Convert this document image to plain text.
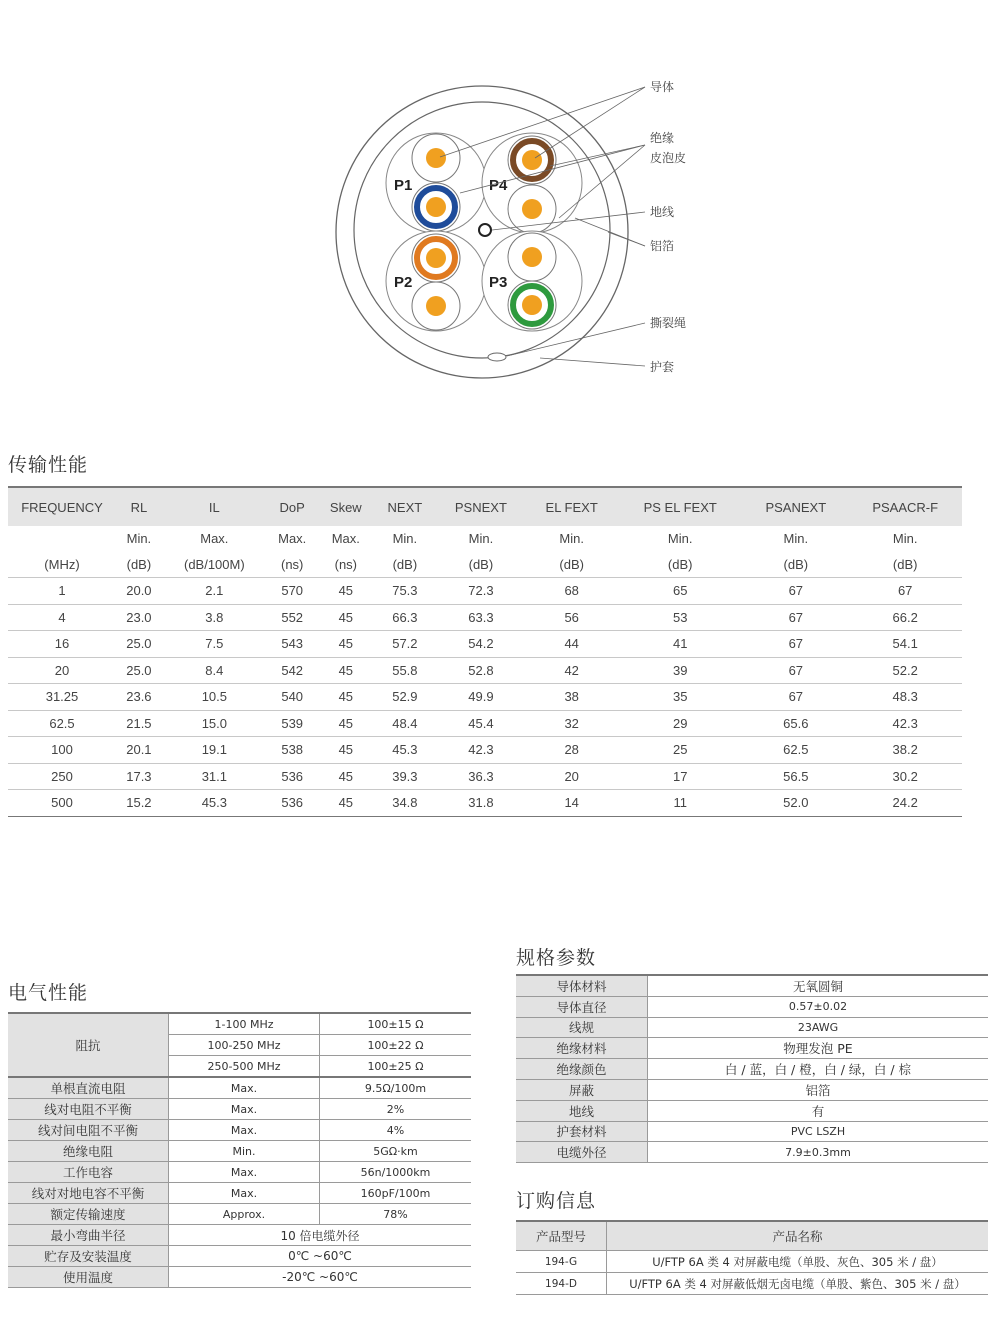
P1	P4
P2	P3
导体
绝缘
皮泡皮
地线
铝箔
撕裂绳
护套
传输性能
FREQUENCY	RL	IL	DoP	Skew	NEXT	PSNEXT	EL FEXT	PS EL FEXT	PSANEXT	PSAACR-F
	Min.	Max.	Max.	Max.	Min.	Min.	Min.	Min.	Min.	Min.
(MHz)	(dB)	(dB/100M)	(ns)	(ns)	(dB)	(dB)	(dB)	(dB)	(dB)	(dB)
1	20.0	2.1	570	45	75.3	72.3	68	65	67	67
4	23.0	3.8	552	45	66.3	63.3	56	53	67	66.2
16	25.0	7.5	543	45	57.2	54.2	44	41	67	54.1
20	25.0	8.4	542	45	55.8	52.8	42	39	67	52.2
31.25	23.6	10.5	540	45	52.9	49.9	38	35	67	48.3
62.5	21.5	15.0	539	45	48.4	45.4	32	29	65.6	42.3
100	20.1	19.1	538	45	45.3	42.3	28	25	62.5	38.2
250	17.3	31.1	536	45	39.3	36.3	20	17	56.5	30.2
500	15.2	45.3	536	45	34.8	31.8	14	11	52.0	24.2
电气性能
阻抗	1-100 MHz	100±15 Ω
	100-250 MHz	100±22 Ω
	250-500 MHz	100±25 Ω
单根直流电阻	Max.	9.5Ω/100m
线对电阻不平衡	Max.	2%
线对间电阻不平衡	Max.	4%
绝缘电阻	Min.	5GΩ·km
工作电容	Max.	56n/1000km
线对对地电容不平衡	Max.	160pF/100m
额定传输速度	Approx.	78%
最小弯曲半径	10 倍电缆外径	
贮存及安装温度	0℃ ~60℃	
使用温度	-20℃ ~60℃	
规格参数
导体材料	无氧圆铜
导体直径	0.57±0.02
线规	23AWG
绝缘材料	物理发泡 PE
绝缘颜色	白 / 蓝，白 / 橙，白 / 绿，白 / 棕
屏蔽	铝箔
地线	有
护套材料	PVC LSZH
电缆外径	7.9±0.3mm
订购信息
产品型号	产品名称
194-G	U/FTP 6A 类 4 对屏蔽电缆（单股、灰色、305 米 / 盘）
194-D	U/FTP 6A 类 4 对屏蔽低烟无卤电缆（单股、紫色、305 米 / 盘）
